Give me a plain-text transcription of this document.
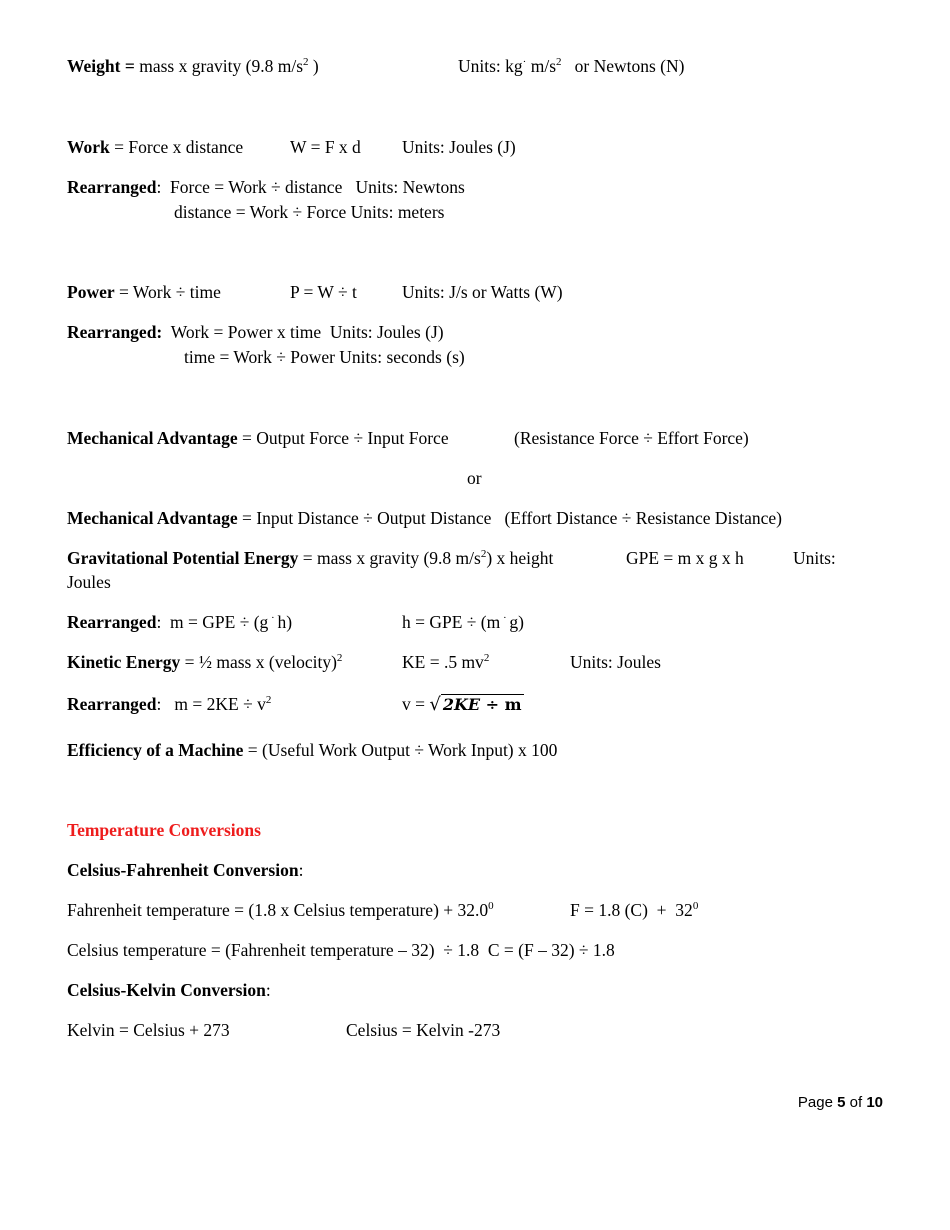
Weight = mass x gravity (9.8 $m/s^2$ )	Units: kg· $m/s^2$   or Newtons (N)
Work = Force x distance	W = F x d Units: Joules (J)
Rearranged:  Force = Work ÷ distance   Units: Newtons
distance = Work ÷ Force Units: meters
Power = Work ÷ time	P = W ÷ t	Units: J/s or Watts (W)
Rearranged:  Work = Power x time  Units: Joules (J)
time = Work ÷ Power Units: seconds (s)
Mechanical Advantage = Output Force ÷ Input Force	(Resistance Force ÷ Effort Force)
or
Mechanical Advantage = Input Distance ÷ Output Distance   (Effort Distance ÷ Resistance Distance)
Gravitational Potential Energy = mass x gravity (9.8 $m/s^2$) x height	GPE = m x g x h	Units:
Joules
Rearranged:  m = GPE ÷ (g · h)	h = GPE ÷ (m · g)
Kinetic Energy = ½ mass x (velocity)$^2$	KE = .5 $mv^2$	Units: Joules
Rearranged:   $m = 2KE \div v^2$	v = √ 2KE ÷ m
Efficiency of a Machine = (Useful Work Output ÷ Work Input) x 100
Temperature Conversions
Celsius-Fahrenheit Conversion:
Fahrenheit temperature = (1.8 x Celsius temperature) + $32.0^0$	F = 1.8 $(C) + 32^0$
Celsius temperature = (Fahrenheit temperature – 32)  ÷ 1.8  C = (F – 32) ÷ 1.8
Celsius-Kelvin Conversion:
Kelvin = Celsius + 273	Celsius = Kelvin -273
Page 5 of 10
